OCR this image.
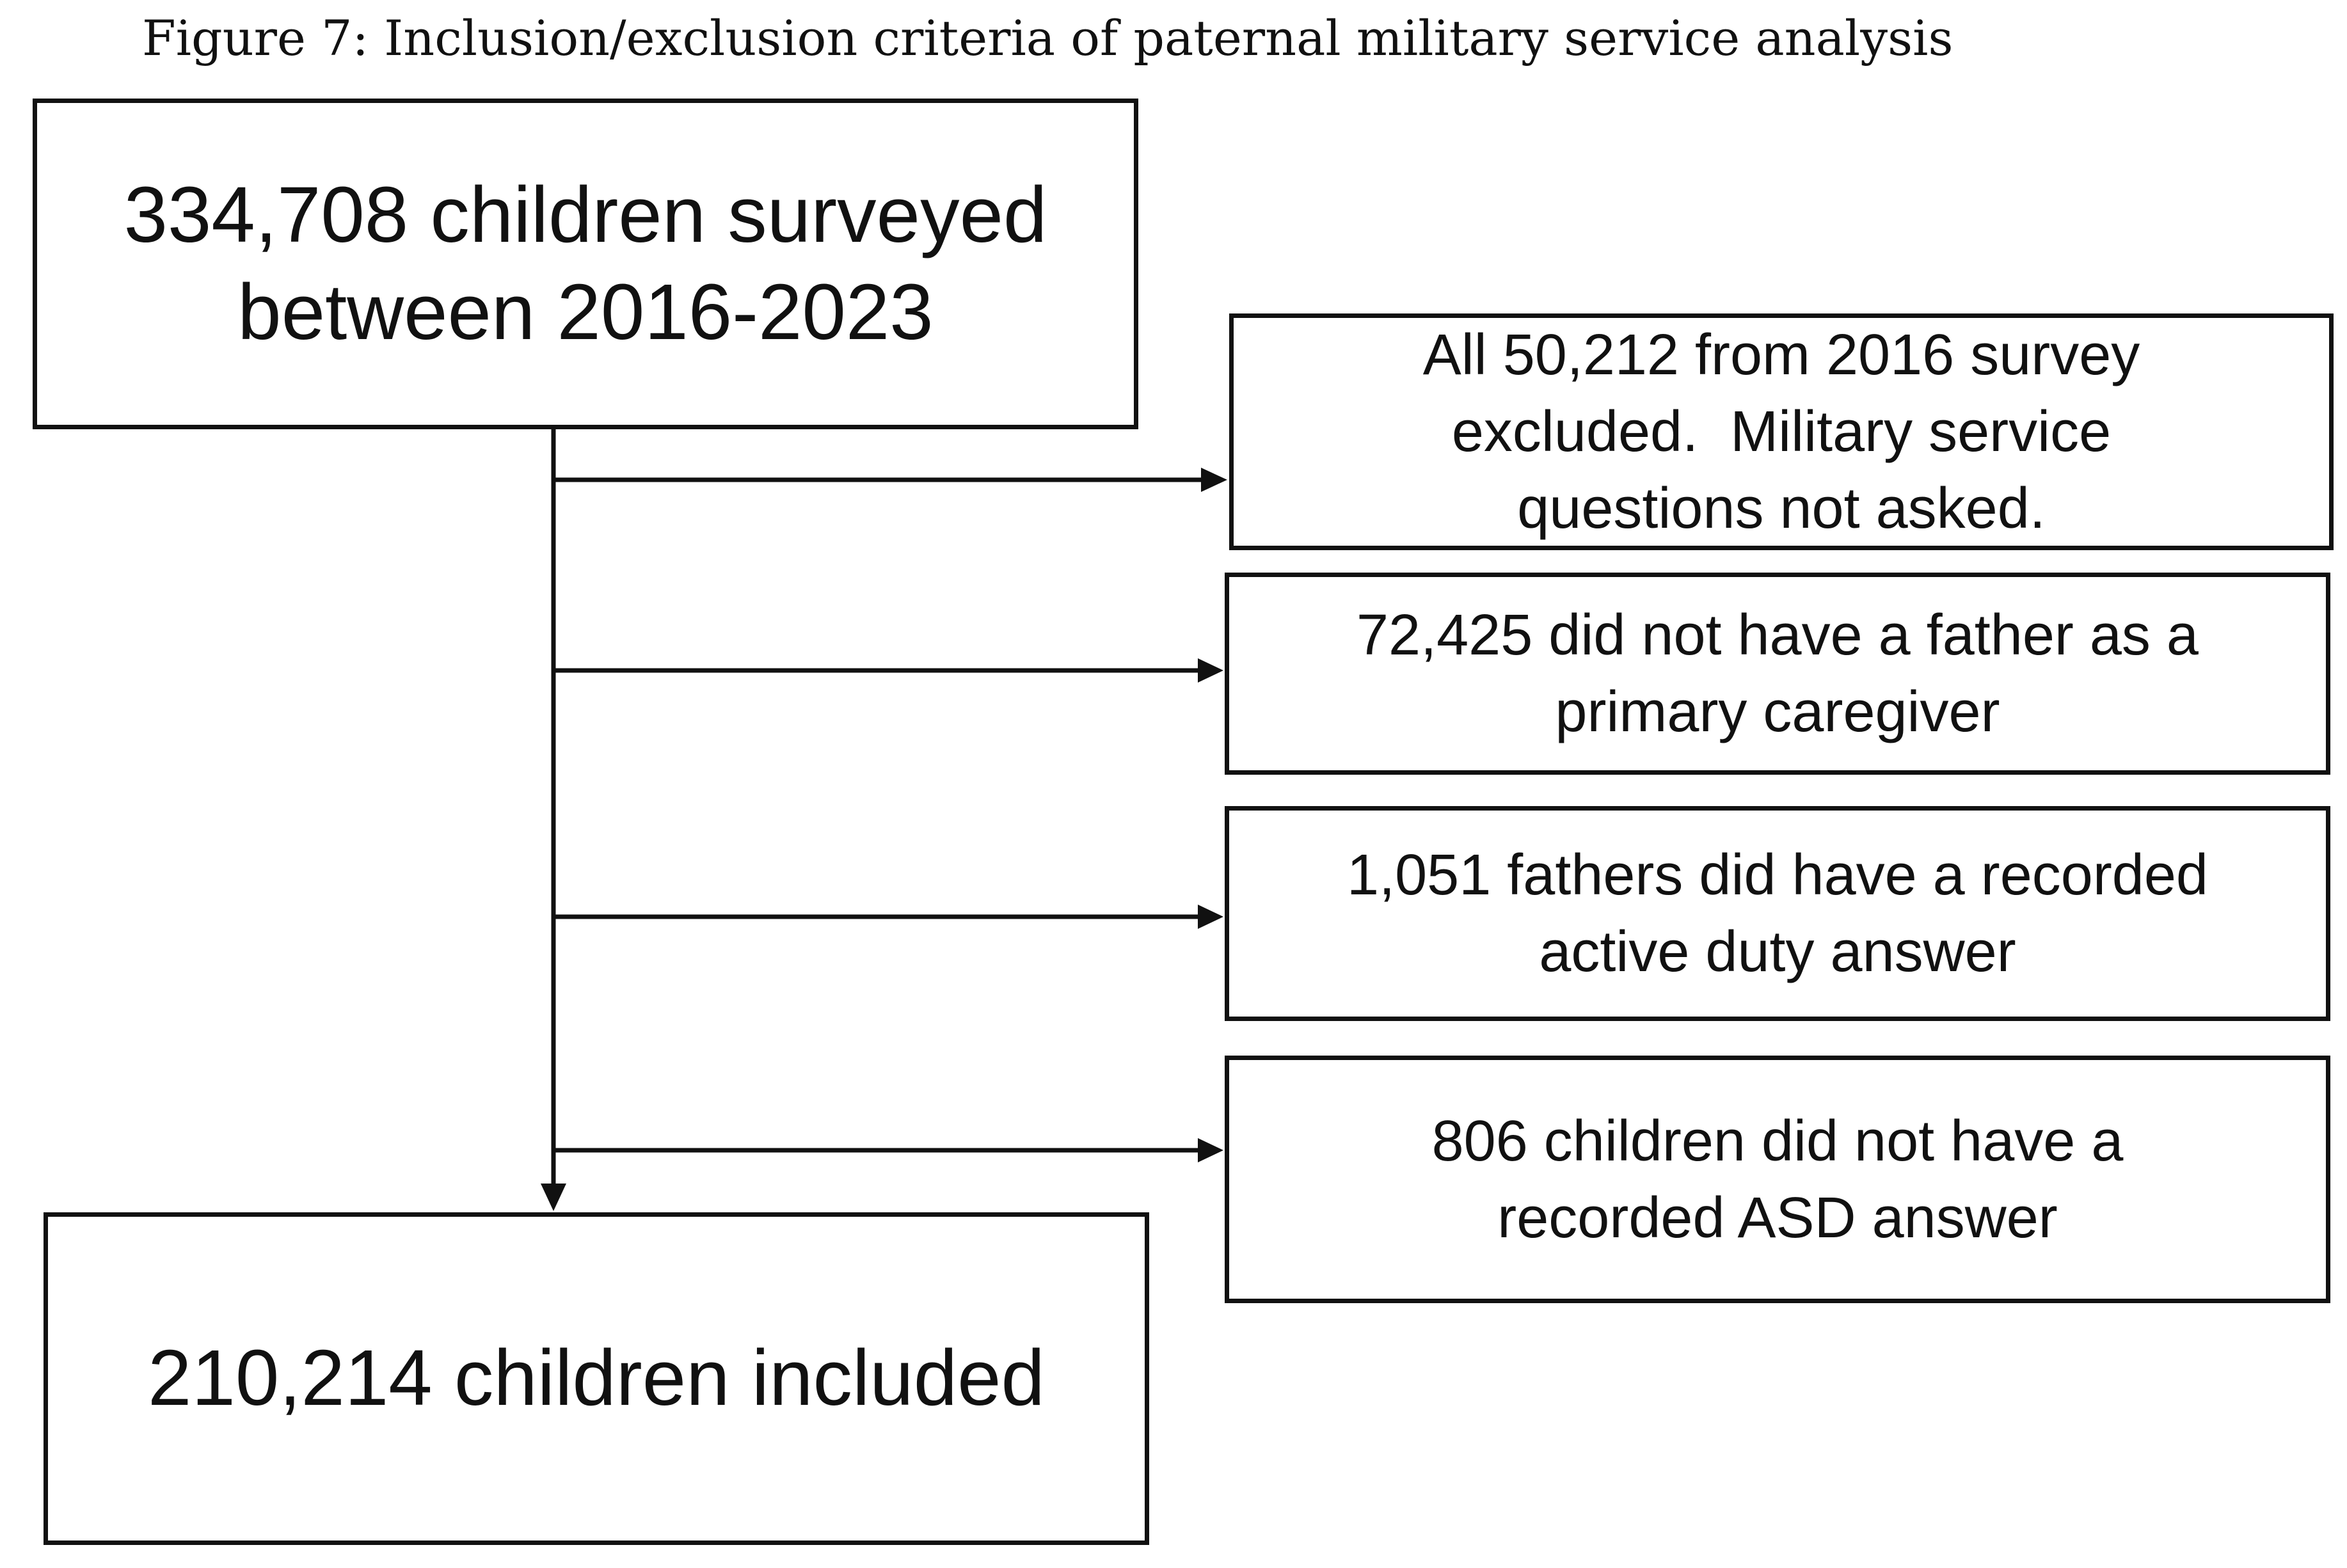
Figure 7: Inclusion/exclusion criteria of paternal military service analysis
334,708 children surveyed
between 2016-2023	All 50,212 from 2016 survey
excluded.  Military service
questions not asked.
72,425 did not have a father as a
primary caregiver
1,051 fathers did have a recorded
active duty answer
806 children did not have a
recorded ASD answer
210,214 children included
